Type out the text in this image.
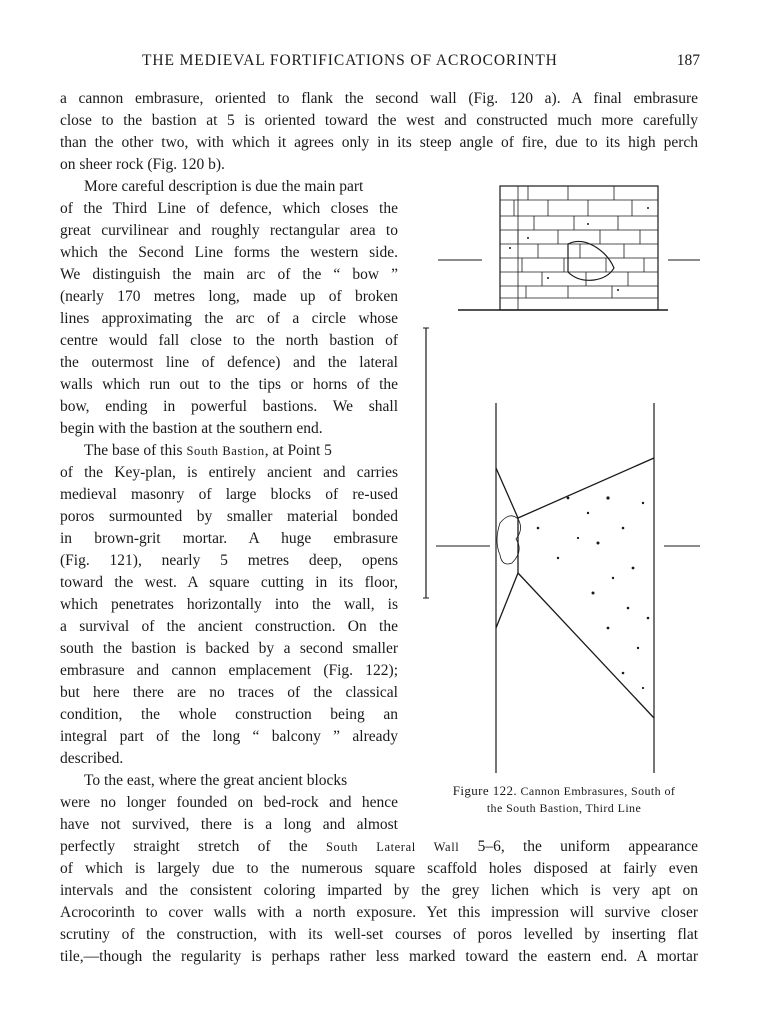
THE MEDIEVAL FORTIFICATIONS OF ACROCORINTH	187
a cannon embrasure, oriented to flank the second wall (Fig. 120 a). A final embrasure
close to the bastion at 5 is oriented toward the west and constructed much more carefully
than the other two, with which it agrees only in its steep angle of fire, due to its high perch
on sheer rock (Fig. 120 b).
More careful description is due the main part
of the Third Line of defence, which closes the
great curvilinear and roughly rectangular area to
which the Second Line forms the western side.
We distinguish the main arc of the “ bow ”
(nearly 170 metres long, made up of broken
lines approximating the arc of a circle whose
centre would fall close to the north bastion of
the outermost line of defence) and the lateral
walls which run out to the tips or horns of the
bow, ending in powerful bastions. We shall
begin with the bastion at the southern end.
The base of this South Bastion, at Point 5
of the Key-plan, is entirely ancient and carries
medieval masonry of large blocks of re-used
poros surmounted by smaller material bonded
in brown-grit mortar. A huge embrasure
(Fig. 121), nearly 5 metres deep, opens
toward the west. A square cutting in its floor,
which penetrates horizontally into the wall, is
a survival of the ancient construction. On the
south the bastion is backed by a second smaller
embrasure and cannon emplacement (Fig. 122);
but here there are no traces of the classical
condition, the whole construction being an
integral part of the long “ balcony ” already
described.
To the east, where the great ancient blocks
were no longer founded on bed-rock and hence
have not survived, there is a long and almost
perfectly straight stretch of the South Lateral Wall 5–6, the uniform appearance
of which is largely due to the numerous square scaffold holes disposed at fairly even
intervals and the consistent coloring imparted by the grey lichen which is very apt on
Acrocorinth to cover walls with a north exposure. Yet this impression will survive closer
scrutiny of the construction, with its well-set courses of poros levelled by inserting flat
tile,—though the regularity is perhaps rather less marked toward the eastern end. A mortar
Figure 122. Cannon Embrasures, South of
the South Bastion, Third Line
